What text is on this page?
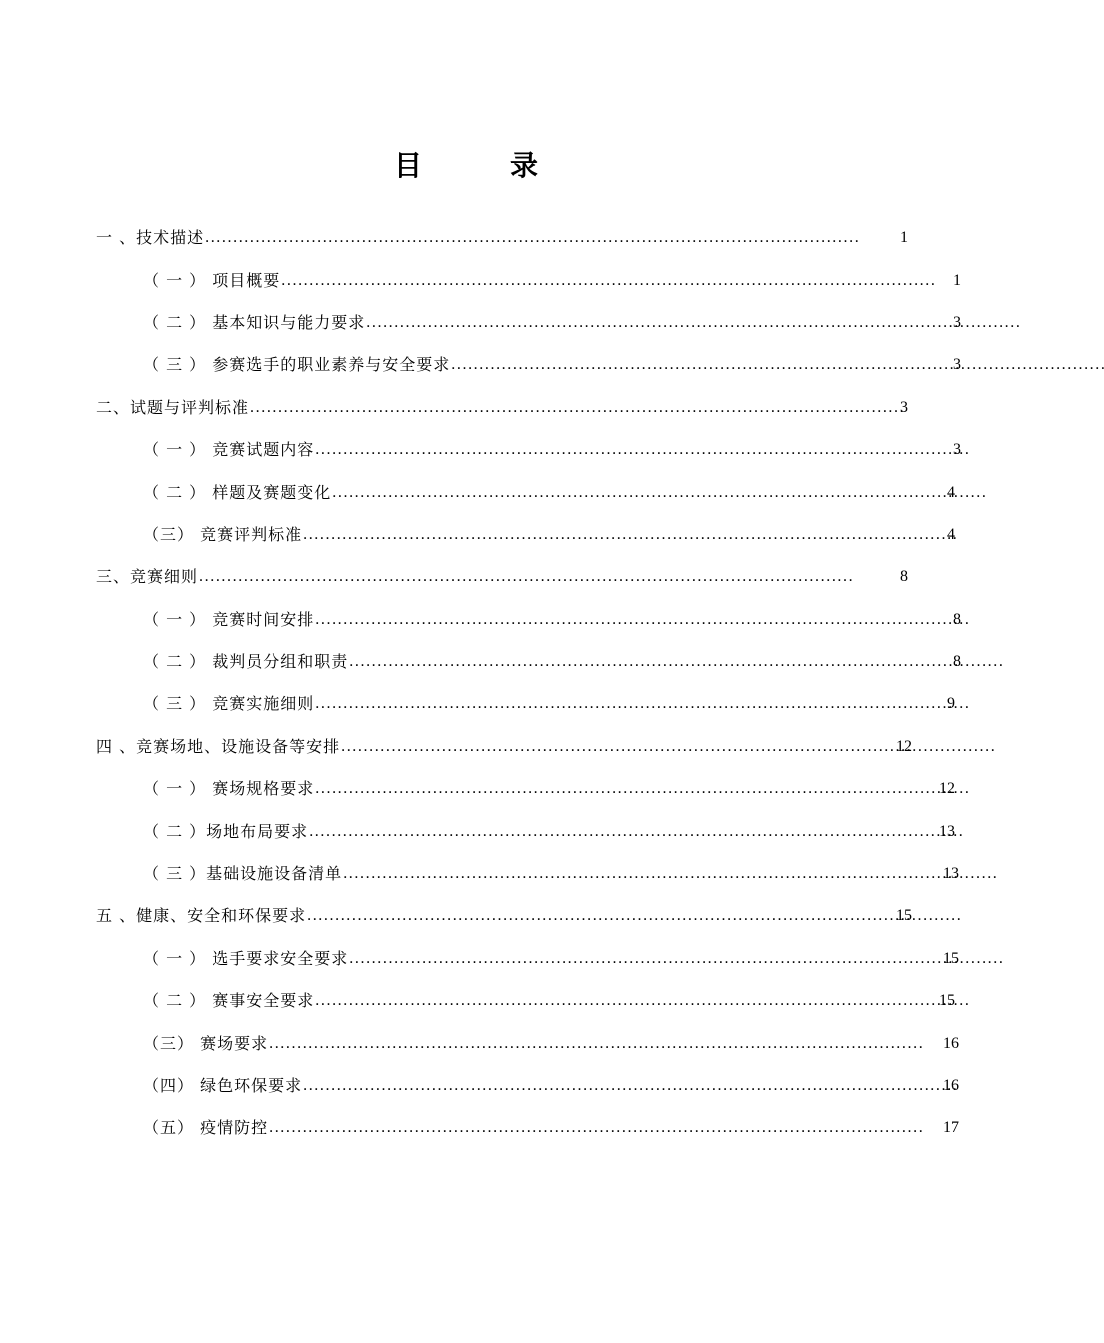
目　录
一 、技术描述 . . .	1
（ 一 ） 项目概要 . . .	1
（ 二 ） 基本知识与能力要求 . . .	3
（ 三 ） 参赛选手的职业素养与安全要求 . . .	3
二、试题与评判标准 . . .	3
（ 一 ） 竞赛试题内容 . . .	3
（ 二 ） 样题及赛题变化 . . .	4
（三） 竞赛评判标准 . . .	4
三、竞赛细则 . . .	8
（ 一 ） 竞赛时间安排 . . .	8
（ 二 ） 裁判员分组和职责 . . .	8
（ 三 ） 竞赛实施细则 . . .	9
四 、竞赛场地、设施设备等安排 . . .	12
（ 一 ） 赛场规格要求 . . .	12
（ 二 ）场地布局要求 . . .	13
（ 三 ）基础设施设备清单 . . .	13
五 、健康、安全和环保要求 . . .	15
（ 一 ） 选手要求安全要求 . . .	15
（ 二 ） 赛事安全要求 . . .	15
（三） 赛场要求 . . .	16
（四） 绿色环保要求 . . .	16
（五） 疫情防控 . . .	17
